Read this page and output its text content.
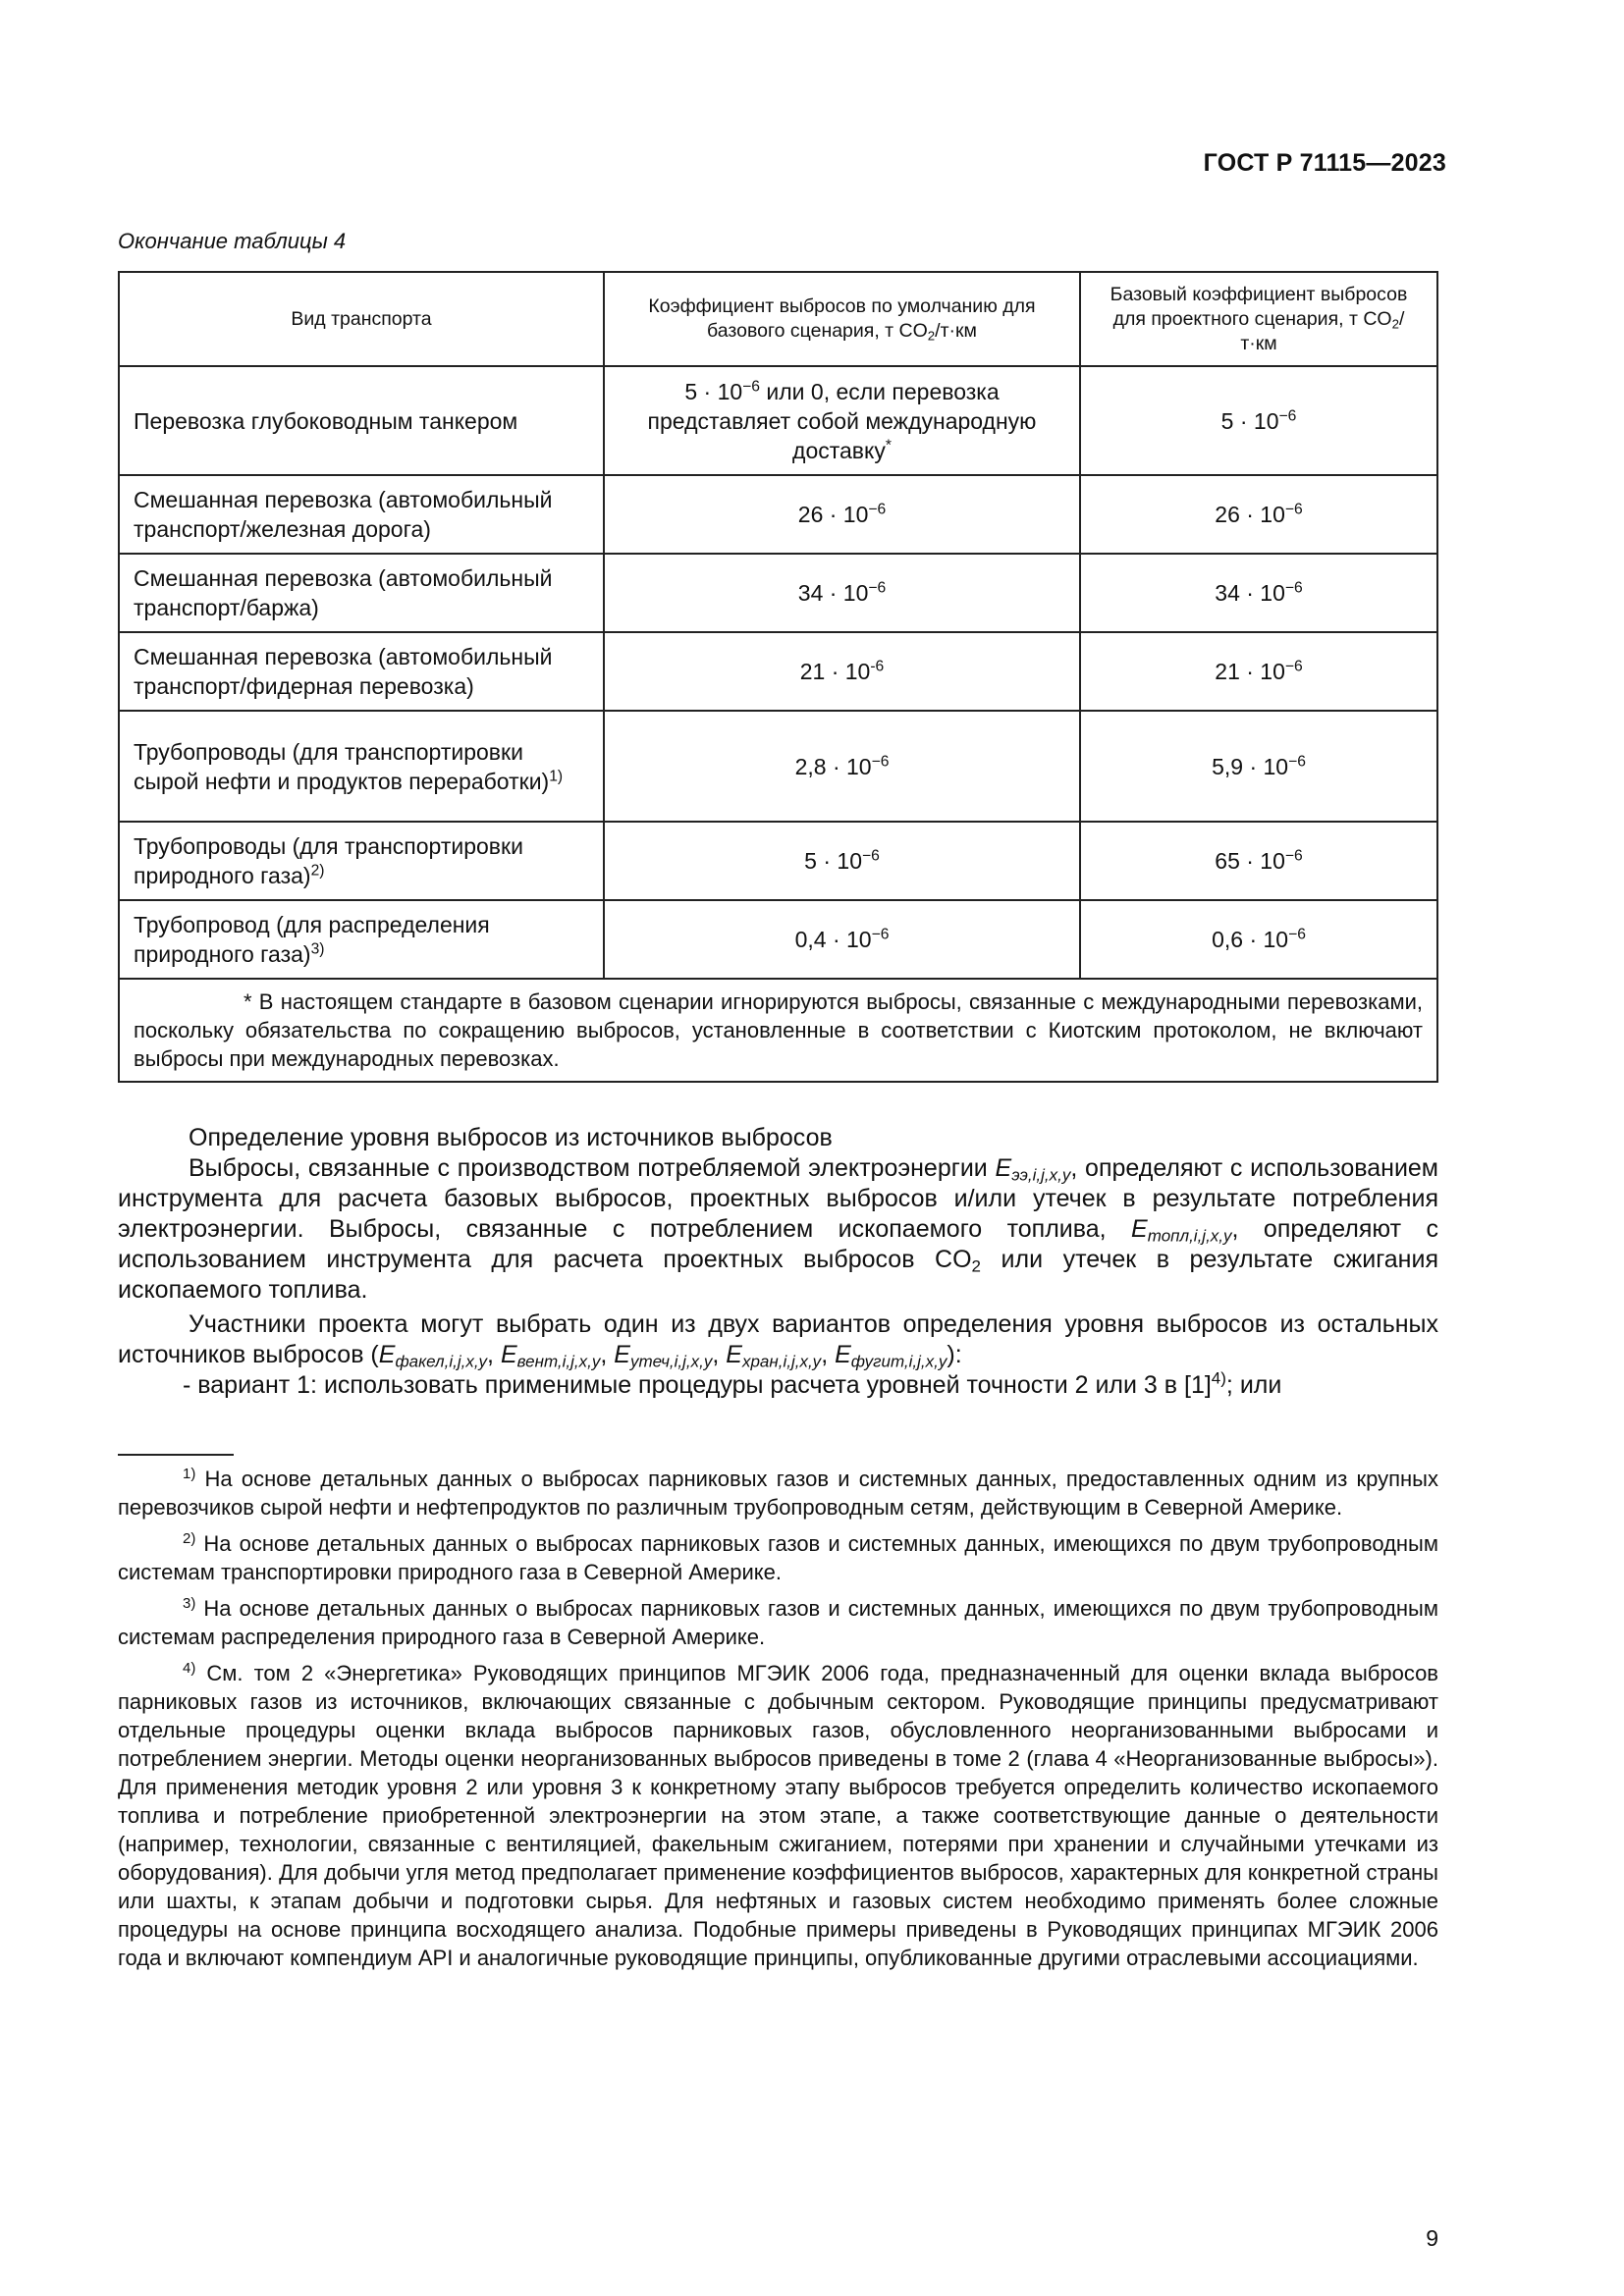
ГОСТ Р 71115—2023
Окончание таблицы 4
Вид транспорта	Коэффициент выбросов по умолчанию для базового сценария, т $CO_2/т\cdot км$	Базовый коэффициент выбросов для проектного сценария, т $CO_2/т\cdot км$
Перевозка глубоководным танкером	$5 \cdot 10^{-6}$ или 0, если перевозка представляет собой международную доставку*	$5 \cdot 10^{-6}$
Смешанная перевозка (автомобильный транспорт/железная дорога)	$26 \cdot 10^{-6}$	$26 \cdot 10^{-6}$
Смешанная перевозка (автомобильный транспорт/баржа)	$34 \cdot 10^{-6}$	$34 \cdot 10^{-6}$
Смешанная перевозка (автомобильный транспорт/фидерная перевозка)	$21 \cdot 10^{-6}$	$21 \cdot 10^{-6}$
Трубопроводы (для транспортировки сырой нефти и продуктов переработки)$^{1)}$	$2,8 \cdot 10^{-6}$	$5,9 \cdot 10^{-6}$
Трубопроводы (для транспортировки природного газа)$^{2)}$	$5 \cdot 10^{-6}$	$65 \cdot 10^{-6}$
Трубопровод (для распределения природного газа)$^{3)}$	$0,4 \cdot 10^{-6}$	$0,6 \cdot 10^{-6}$

* В настоящем стандарте в базовом сценарии игнорируются выбросы, связанные с международными перевозками, поскольку обязательства по сокращению выбросов, установленные в соответствии с Киотским протоколом, не включают выбросы при международных перевозках.		

Определение уровня выбросов из источников выбросов

Выбросы, связанные с производством потребляемой электроэнергии $E_{ээ,i,j,x,y}$, определяют с использованием инструмента для расчета базовых выбросов, проектных выбросов и/или утечек в результате потребления электроэнергии. Выбросы, связанные с потреблением ископаемого топлива, $E_{топл,i,j,x,y}$, определяют с использованием инструмента для расчета проектных выбросов $CO_2$ или утечек в результате сжигания ископаемого топлива.

Участники проекта могут выбрать один из двух вариантов определения уровня выбросов из остальных источников выбросов ($E_{факел,i,j,x,y}$, $E_{вент,i,j,x,y}$, $E_{утеч,i,j,x,y}$, $E_{хран,i,j,x,y}$, $E_{фугит,i,j,x,y}$):

- вариант 1: использовать применимые процедуры расчета уровней точности 2 или 3 в $[1]^{4)}$; или

$^{1)}$ На основе детальных данных о выбросах парниковых газов и системных данных, предоставленных одним из крупных перевозчиков сырой нефти и нефтепродуктов по различным трубопроводным сетям, действующим в Северной Америке.

$^{2)}$ На основе детальных данных о выбросах парниковых газов и системных данных, имеющихся по двум трубопроводным системам транспортировки природного газа в Северной Америке.

$^{3)}$ На основе детальных данных о выбросах парниковых газов и системных данных, имеющихся по двум трубопроводным системам распределения природного газа в Северной Америке.

$^{4)}$ См. том 2 «Энергетика» Руководящих принципов МГЭИК 2006 года, предназначенный для оценки вклада выбросов парниковых газов из источников, включающих связанные с добычным сектором. Руководящие принципы предусматривают отдельные процедуры оценки вклада выбросов парниковых газов, обусловленного неорганизованными выбросами и потреблением энергии. Методы оценки неорганизованных выбросов приведены в томе 2 (глава 4 «Неорганизованные выбросы»). Для применения методик уровня 2 или уровня 3 к конкретному этапу выбросов требуется определить количество ископаемого топлива и потребление приобретенной электроэнергии на этом этапе, а также соответствующие данные о деятельности (например, технологии, связанные с вентиляцией, факельным сжиганием, потерями при хранении и случайными утечками из оборудования). Для добычи угля метод предполагает применение коэффициентов выбросов, характерных для конкретной страны или шахты, к этапам добычи и подготовки сырья. Для нефтяных и газовых систем необходимо применять более сложные процедуры на основе принципа восходящего анализа. Подобные примеры приведены в Руководящих принципах МГЭИК 2006 года и включают компендиум API и аналогичные руководящие принципы, опубликованные другими отраслевыми ассоциациями.

9
